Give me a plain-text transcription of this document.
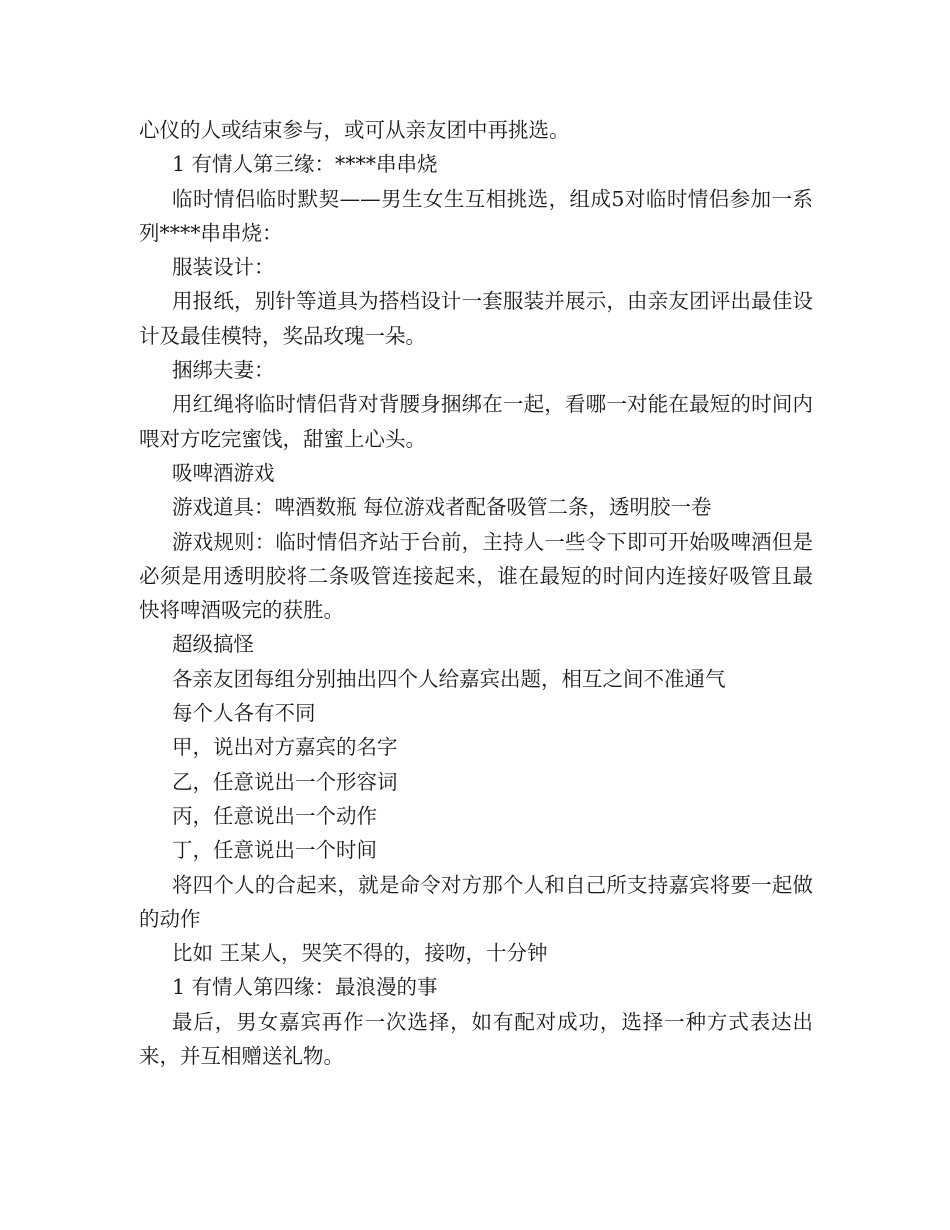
心仪的人或结束参与，或可从亲友团中再挑选。

1 有情人第三缘：****串串烧

临时情侣临时默契——男生女生互相挑选，组成5对临时情侣参加一系列****串串烧：

服装设计：

用报纸，别针等道具为搭档设计一套服装并展示，由亲友团评出最佳设计及最佳模特，奖品玫瑰一朵。

捆绑夫妻：

用红绳将临时情侣背对背腰身捆绑在一起，看哪一对能在最短的时间内喂对方吃完蜜饯，甜蜜上心头。

吸啤酒游戏

游戏道具：啤酒数瓶 每位游戏者配备吸管二条，透明胶一卷

游戏规则：临时情侣齐站于台前，主持人一些令下即可开始吸啤酒但是必须是用透明胶将二条吸管连接起来，谁在最短的时间内连接好吸管且最快将啤酒吸完的获胜。

超级搞怪

各亲友团每组分别抽出四个人给嘉宾出题，相互之间不准通气

每个人各有不同

甲，说出对方嘉宾的名字

乙，任意说出一个形容词

丙，任意说出一个动作

丁，任意说出一个时间

将四个人的合起来，就是命令对方那个人和自己所支持嘉宾将要一起做的动作

比如 王某人，哭笑不得的，接吻，十分钟

1 有情人第四缘：最浪漫的事

最后，男女嘉宾再作一次选择，如有配对成功，选择一种方式表达出来，并互相赠送礼物。
